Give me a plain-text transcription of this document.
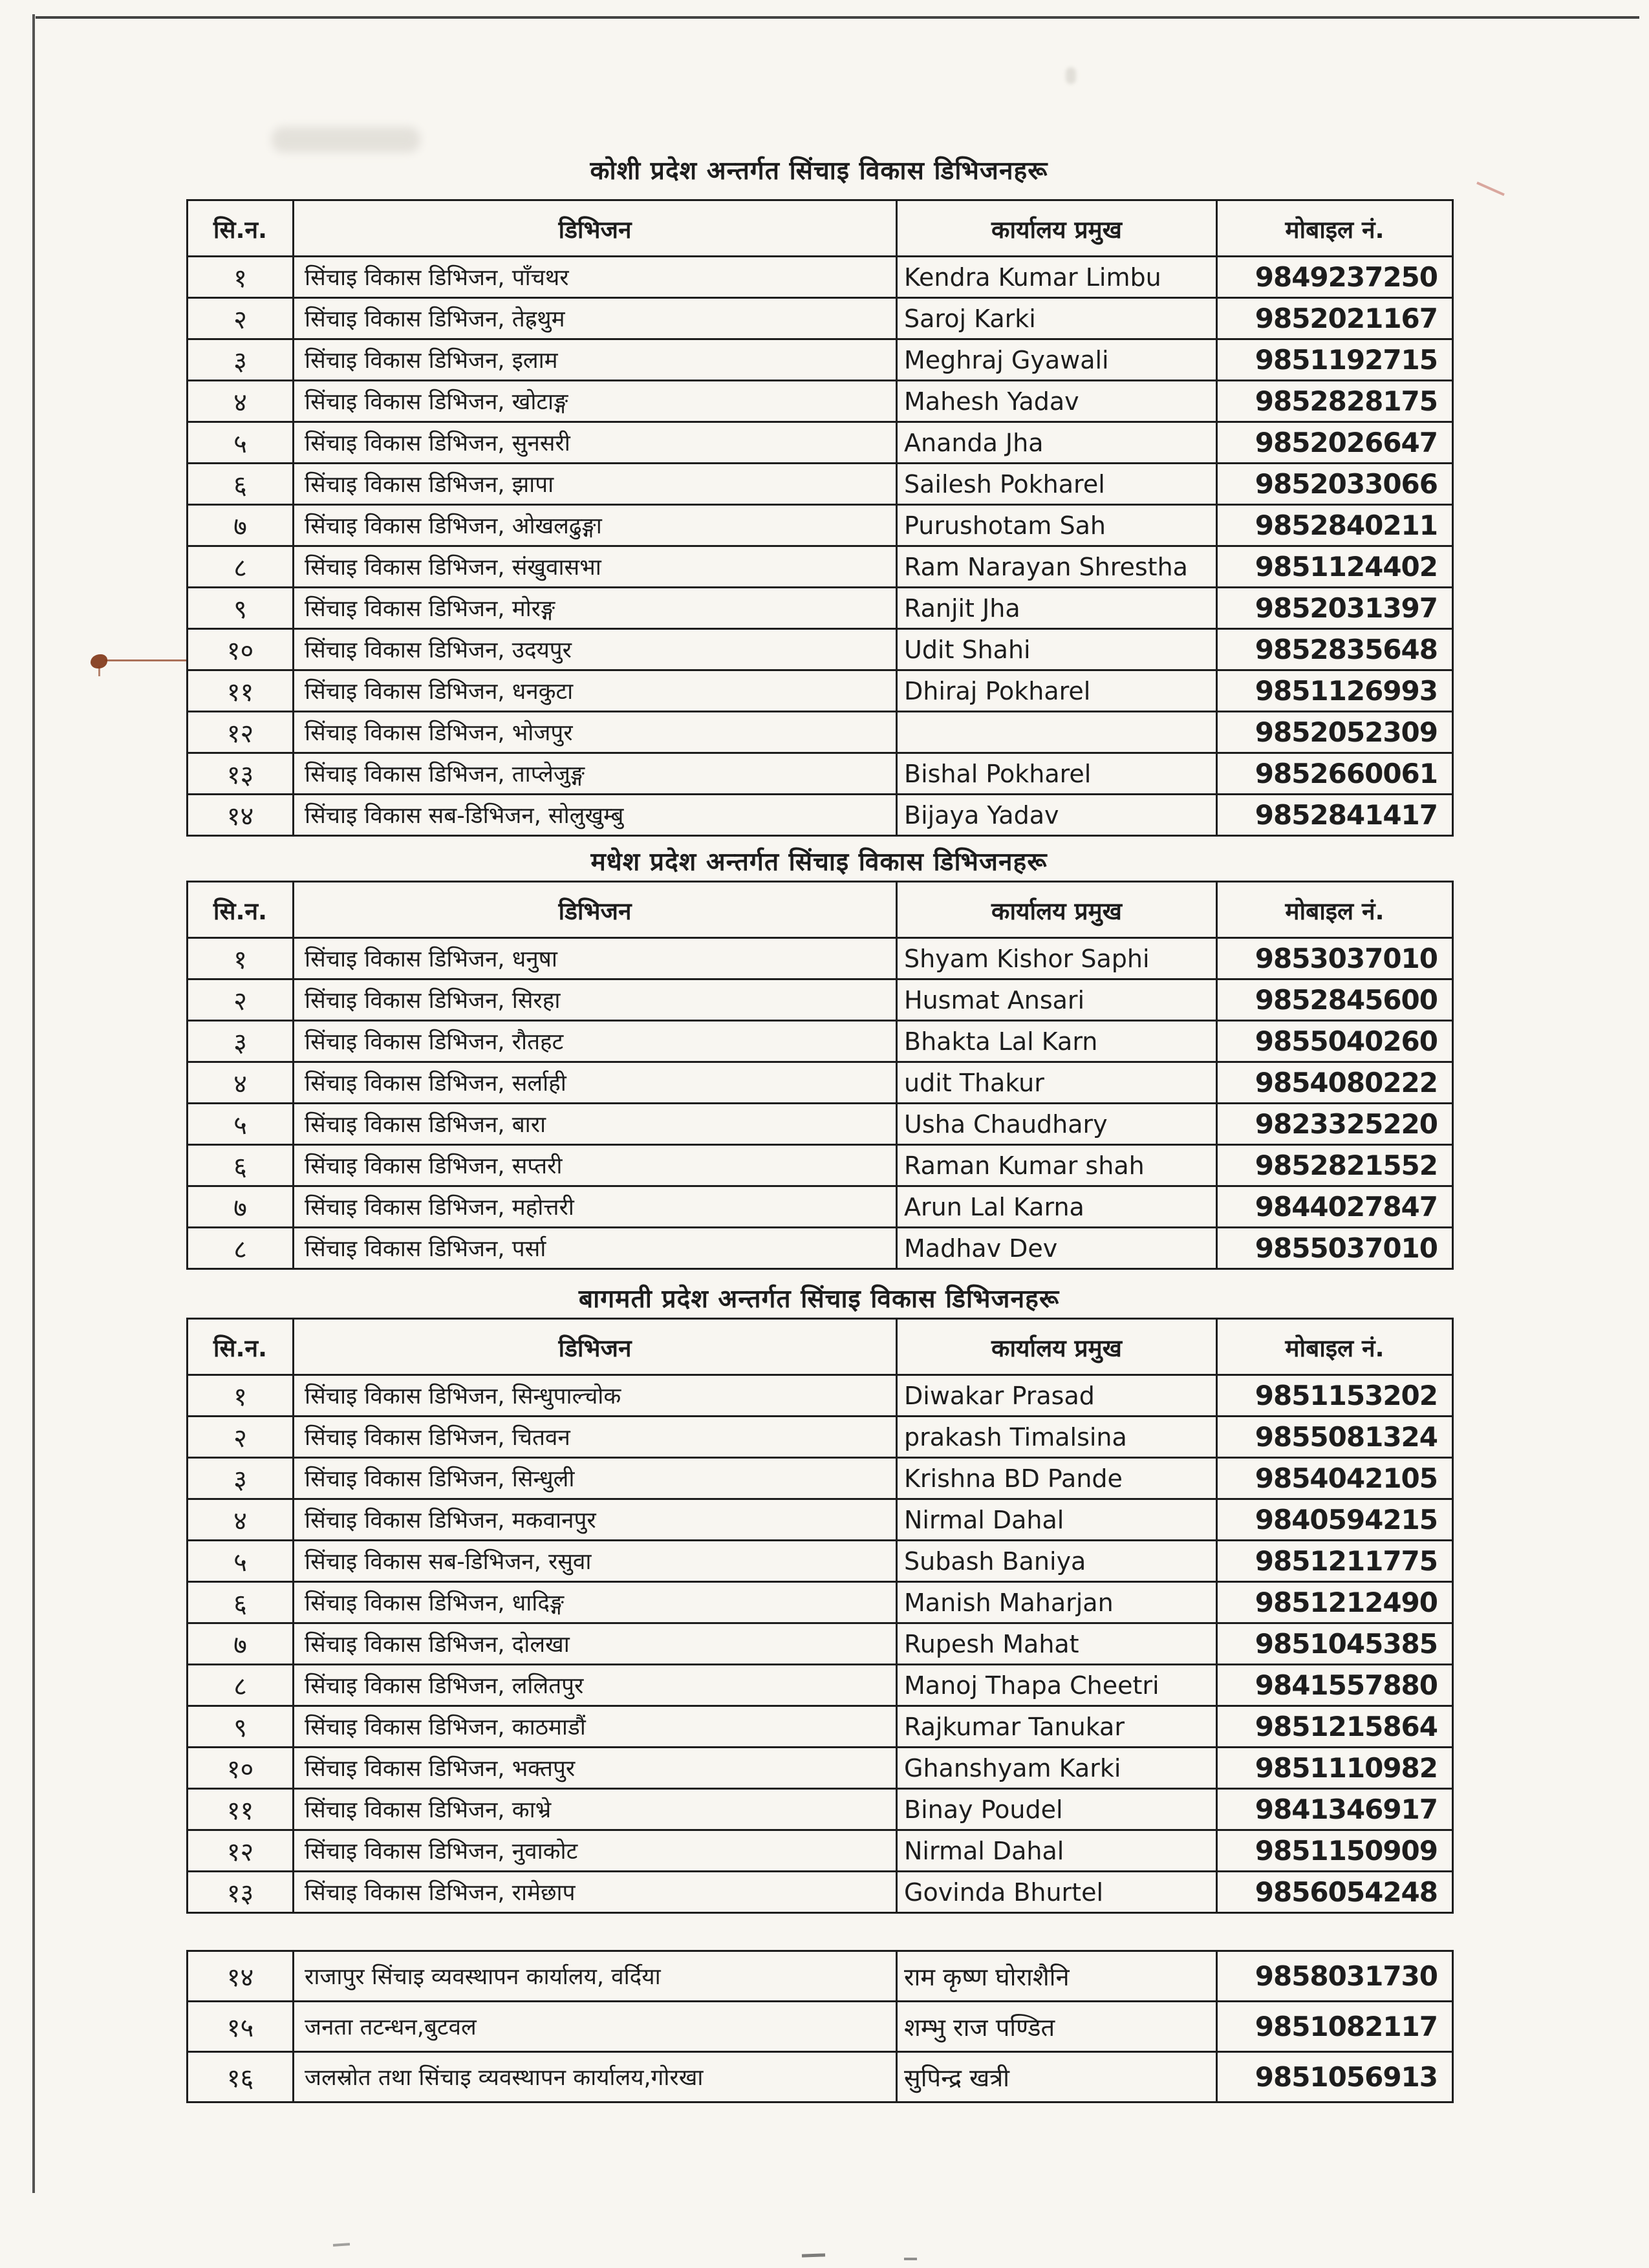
कोशी प्रदेश अन्तर्गत सिंचाइ विकास डिभिजनहरू
सि.न.	डिभिजन	कार्यालय प्रमुख	मोबाइल नं.
१	सिंचाइ विकास डिभिजन, पाँचथर	Kendra Kumar Limbu	9849237250
२	सिंचाइ विकास डिभिजन, तेह्रथुम	Saroj Karki	9852021167
३	सिंचाइ विकास डिभिजन, इलाम	Meghraj Gyawali	9851192715
४	सिंचाइ विकास डिभिजन, खोटाङ्ग	Mahesh Yadav	9852828175
५	सिंचाइ विकास डिभिजन, सुनसरी	Ananda Jha	9852026647
६	सिंचाइ विकास डिभिजन, झापा	Sailesh Pokharel	9852033066
७	सिंचाइ विकास डिभिजन, ओखलढुङ्गा	Purushotam Sah	9852840211
८	सिंचाइ विकास डिभिजन, संखुवासभा	Ram Narayan Shrestha	9851124402
९	सिंचाइ विकास डिभिजन, मोरङ्ग	Ranjit Jha	9852031397
१०	सिंचाइ विकास डिभिजन, उदयपुर	Udit Shahi	9852835648
११	सिंचाइ विकास डिभिजन, धनकुटा	Dhiraj Pokharel	9851126993
१२	सिंचाइ विकास डिभिजन, भोजपुर		9852052309
१३	सिंचाइ विकास डिभिजन, ताप्लेजुङ्ग	Bishal Pokharel	9852660061
१४	सिंचाइ विकास सब-डिभिजन, सोलुखुम्बु	Bijaya Yadav	9852841417
मधेश प्रदेश अन्तर्गत सिंचाइ विकास डिभिजनहरू
सि.न.	डिभिजन	कार्यालय प्रमुख	मोबाइल नं.
१	सिंचाइ विकास डिभिजन, धनुषा	Shyam Kishor Saphi	9853037010
२	सिंचाइ विकास डिभिजन, सिरहा	Husmat Ansari	9852845600
३	सिंचाइ विकास डिभिजन, रौतहट	Bhakta Lal Karn	9855040260
४	सिंचाइ विकास डिभिजन, सर्लाही	udit Thakur	9854080222
५	सिंचाइ विकास डिभिजन, बारा	Usha Chaudhary	9823325220
६	सिंचाइ विकास डिभिजन, सप्तरी	Raman Kumar shah	9852821552
७	सिंचाइ विकास डिभिजन, महोत्तरी	Arun Lal Karna	9844027847
८	सिंचाइ विकास डिभिजन, पर्सा	Madhav Dev	9855037010
बागमती प्रदेश अन्तर्गत सिंचाइ विकास डिभिजनहरू
सि.न.	डिभिजन	कार्यालय प्रमुख	मोबाइल नं.
१	सिंचाइ विकास डिभिजन, सिन्धुपाल्चोक	Diwakar Prasad	9851153202
२	सिंचाइ विकास डिभिजन, चितवन	prakash Timalsina	9855081324
३	सिंचाइ विकास डिभिजन, सिन्धुली	Krishna BD Pande	9854042105
४	सिंचाइ विकास डिभिजन, मकवानपुर	Nirmal Dahal	9840594215
५	सिंचाइ विकास सब-डिभिजन, रसुवा	Subash Baniya	9851211775
६	सिंचाइ विकास डिभिजन, धादिङ्ग	Manish Maharjan	9851212490
७	सिंचाइ विकास डिभिजन, दोलखा	Rupesh Mahat	9851045385
८	सिंचाइ विकास डिभिजन, ललितपुर	Manoj Thapa Cheetri	9841557880
९	सिंचाइ विकास डिभिजन, काठमाडौं	Rajkumar Tanukar	9851215864
१०	सिंचाइ विकास डिभिजन, भक्तपुर	Ghanshyam Karki	9851110982
११	सिंचाइ विकास डिभिजन, काभ्रे	Binay Poudel	9841346917
१२	सिंचाइ विकास डिभिजन, नुवाकोट	Nirmal Dahal	9851150909
१३	सिंचाइ विकास डिभिजन, रामेछाप	Govinda Bhurtel	9856054248
१४	राजापुर सिंचाइ व्यवस्थापन कार्यालय, वर्दिया	राम कृष्ण घोराशैनि	9858031730
१५	जनता तटन्धन,बुटवल	शम्भु राज पण्डित	9851082117
१६	जलस्रोत तथा सिंचाइ व्यवस्थापन कार्यालय,गोरखा	सुपिन्द्र खत्री	9851056913
